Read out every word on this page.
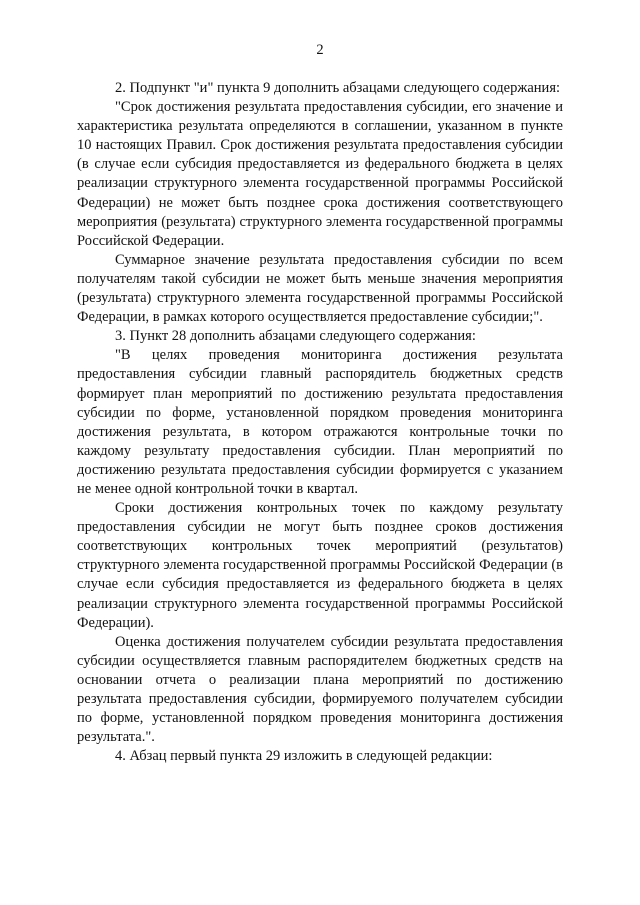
2

2. Подпункт "и" пункта 9 дополнить абзацами следующего содержания:

"Срок достижения результата предоставления субсидии, его значение и характеристика результата определяются в соглашении, указанном в пункте 10 настоящих Правил. Срок достижения результата предоставления субсидии (в случае если субсидия предоставляется из федерального бюджета в целях реализации структурного элемента государственной программы Российской Федерации) не может быть позднее срока достижения соответствующего мероприятия (результата) структурного элемента государственной программы Российской Федерации.

Суммарное значение результата предоставления субсидии по всем получателям такой субсидии не может быть меньше значения мероприятия (результата) структурного элемента государственной программы Российской Федерации, в рамках которого осуществляется предоставление субсидии;".

3. Пункт 28 дополнить абзацами следующего содержания:

"В целях проведения мониторинга достижения результата предоставления субсидии главный распорядитель бюджетных средств формирует план мероприятий по достижению результата предоставления субсидии по форме, установленной порядком проведения мониторинга достижения результата, в котором отражаются контрольные точки по каждому результату предоставления субсидии. План мероприятий по достижению результата предоставления субсидии формируется с указанием не менее одной контрольной точки в квартал.

Сроки достижения контрольных точек по каждому результату предоставления субсидии не могут быть позднее сроков достижения соответствующих контрольных точек мероприятий (результатов) структурного элемента государственной программы Российской Федерации (в случае если субсидия предоставляется из федерального бюджета в целях реализации структурного элемента государственной программы Российской Федерации).

Оценка достижения получателем субсидии результата предоставления субсидии осуществляется главным распорядителем бюджетных средств на основании отчета о реализации плана мероприятий по достижению результата предоставления субсидии, формируемого получателем субсидии по форме, установленной порядком проведения мониторинга достижения результата.".

4. Абзац первый пункта 29 изложить в следующей редакции:
